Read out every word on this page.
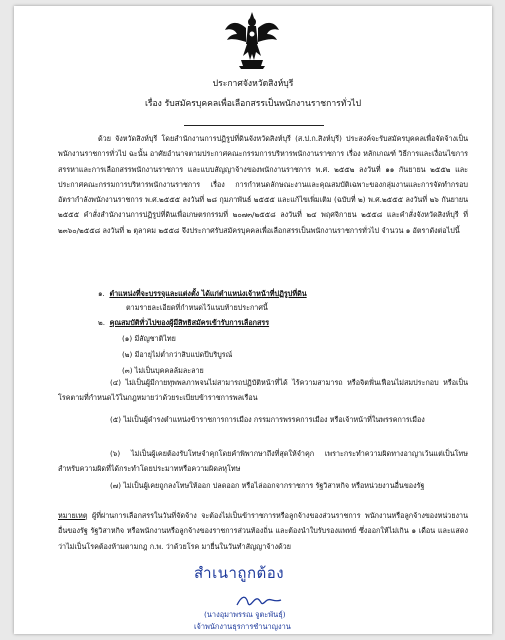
ประกาศจังหวัดสิงห์บุรี
เรื่อง รับสมัครบุคคลเพื่อเลือกสรรเป็นพนักงานราชการทั่วไป
ด้วย จังหวัดสิงห์บุรี โดยสำนักงานการปฏิรูปที่ดินจังหวัดสิงห์บุรี (ส.ป.ก.สิงห์บุรี) ประสงค์จะรับสมัครบุคคลเพื่อจัดจ้างเป็นพนักงานราชการทั่วไป ฉะนั้น อาศัยอำนาจตามประกาศคณะกรรมการบริหารพนักงานราชการ เรื่อง หลักเกณฑ์ วิธีการและเงื่อนไขการสรรหาและการเลือกสรรพนักงานราชการ และแบบสัญญาจ้างของพนักงานราชการ พ.ศ. ๒๕๕๒ ลงวันที่ ๑๑ กันยายน ๒๕๕๒ และประกาศคณะกรรมการบริหารพนักงานราชการ เรื่อง การกำหนดลักษณะงานและคุณสมบัติเฉพาะของกลุ่มงานและการจัดทำกรอบอัตรากำลังพนักงานราชการ พ.ศ.๒๕๕๕ ลงวันที่ ๒๘ กุมภาพันธ์ ๒๕๕๕ และแก้ไขเพิ่มเติม (ฉบับที่ ๒) พ.ศ.๒๕๕๕ ลงวันที่ ๒๖ กันยายน ๒๕๕๕ คำสั่งสำนักงานการปฏิรูปที่ดินเพื่อเกษตรกรรมที่ ๒๐๗๓/๒๕๕๘ ลงวันที่ ๒๔ พฤศจิกายน ๒๕๕๘ และคำสั่งจังหวัดสิงห์บุรี ที่ ๒๓๖๐/๒๕๕๘ ลงวันที่ ๒ ตุลาคม ๒๕๕๘ จึงประกาศรับสมัครบุคคลเพื่อเลือกสรรเป็นพนักงานราชการทั่วไป จำนวน ๑ อัตราดังต่อไปนี้
๑. ตำแหน่งที่จะบรรจุและแต่งตั้ง ได้แก่ตำแหน่งเจ้าหน้าที่ปฏิรูปที่ดิน
ตามรายละเอียดที่กำหนดไว้แนบท้ายประกาศนี้
๒. คุณสมบัติทั่วไปของผู้มีสิทธิสมัครเข้ารับการเลือกสรร
(๑) มีสัญชาติไทย
(๒) มีอายุไม่ต่ำกว่าสิบแปดปีบริบูรณ์
(๓) ไม่เป็นบุคคลล้มละลาย
(๔) ไม่เป็นผู้มีกายทุพพลภาพจนไม่สามารถปฏิบัติหน้าที่ได้ ไร้ความสามารถ หรือจิตฟั่นเฟือนไม่สมประกอบ หรือเป็นโรคตามที่กำหนดไว้ในกฎหมายว่าด้วยระเบียบข้าราชการพลเรือน
(๕) ไม่เป็นผู้ดำรงตำแหน่งข้าราชการการเมือง กรรมการพรรคการเมือง หรือเจ้าหน้าที่ในพรรคการเมือง
(๖) ไม่เป็นผู้เคยต้องรับโทษจำคุกโดยคำพิพากษาถึงที่สุดให้จำคุก เพราะกระทำความผิดทางอาญาเว้นแต่เป็นโทษสำหรับความผิดที่ได้กระทำโดยประมาทหรือความผิดลหุโทษ
(๗) ไม่เป็นผู้เคยถูกลงโทษให้ออก ปลดออก หรือไล่ออกจากราชการ รัฐวิสาหกิจ หรือหน่วยงานอื่นของรัฐ
หมายเหตุ ผู้ที่ผ่านการเลือกสรรในวันที่จัดจ้าง จะต้องไม่เป็นข้าราชการหรือลูกจ้างของส่วนราชการ พนักงานหรือลูกจ้างของหน่วยงานอื่นของรัฐ รัฐวิสาหกิจ หรือพนักงานหรือลูกจ้างของราชการส่วนท้องถิ่น และต้องนำใบรับรองแพทย์ ซึ่งออกให้ไม่เกิน ๑ เดือน และแสดงว่าไม่เป็นโรคต้องห้ามตามกฎ ก.พ. ว่าด้วยโรค มายื่นในวันทำสัญญาจ้างด้วย
สำเนาถูกต้อง
(นางอุมาพรรณ จูตะพันธุ์)
เจ้าพนักงานธุรการชำนาญงาน
